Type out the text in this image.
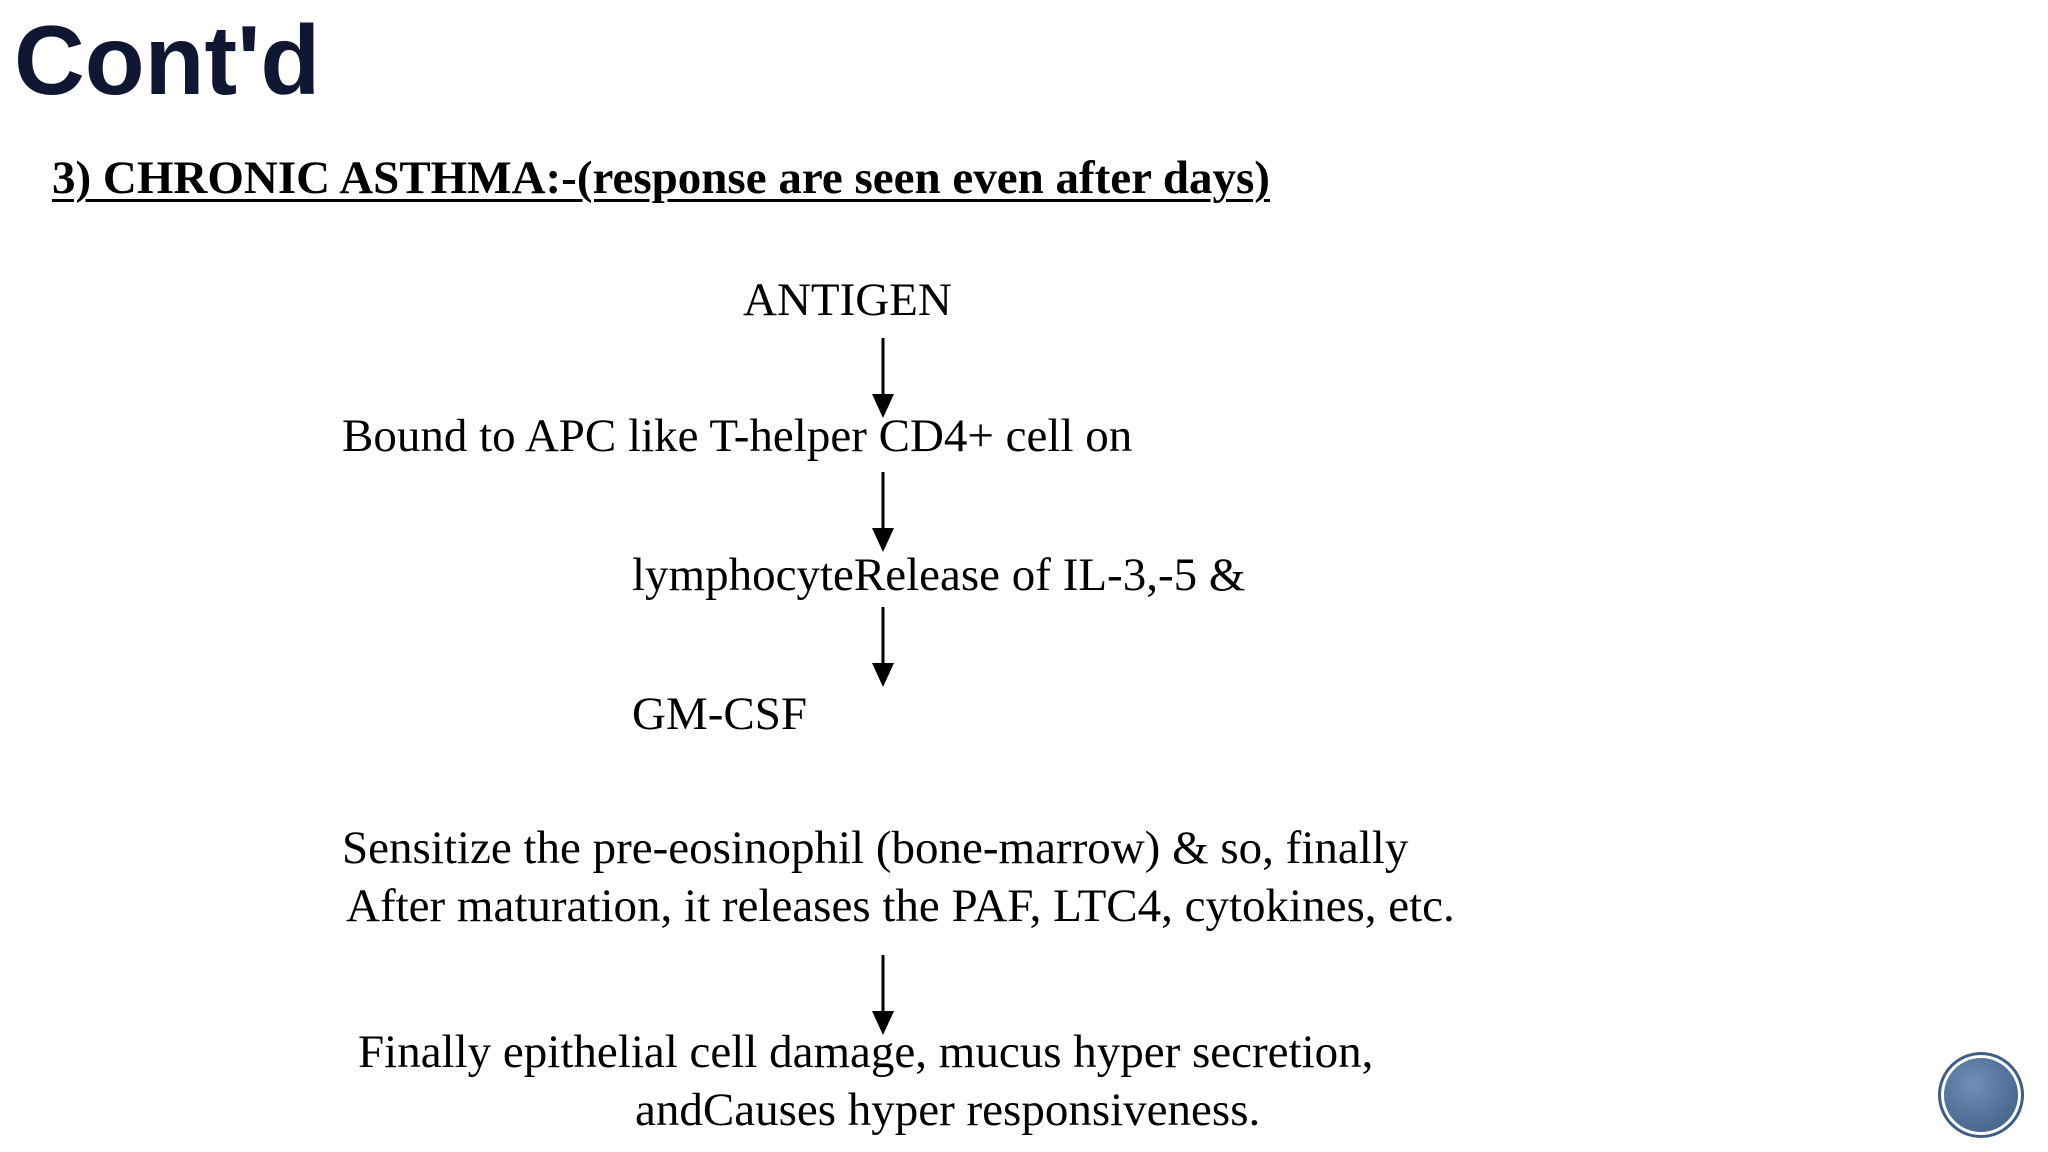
Cont'd
3) CHRONIC ASTHMA:-(response are seen even after days)
ANTIGEN
Bound to APC like T-helper CD4+ cell on
lymphocyteRelease of IL-3,-5 &
GM-CSF
Sensitize the pre-eosinophil (bone-marrow) & so, finally
After maturation, it releases the PAF, LTC4, cytokines, etc.
Finally epithelial cell damage, mucus hyper secretion,
andCauses hyper responsiveness.
